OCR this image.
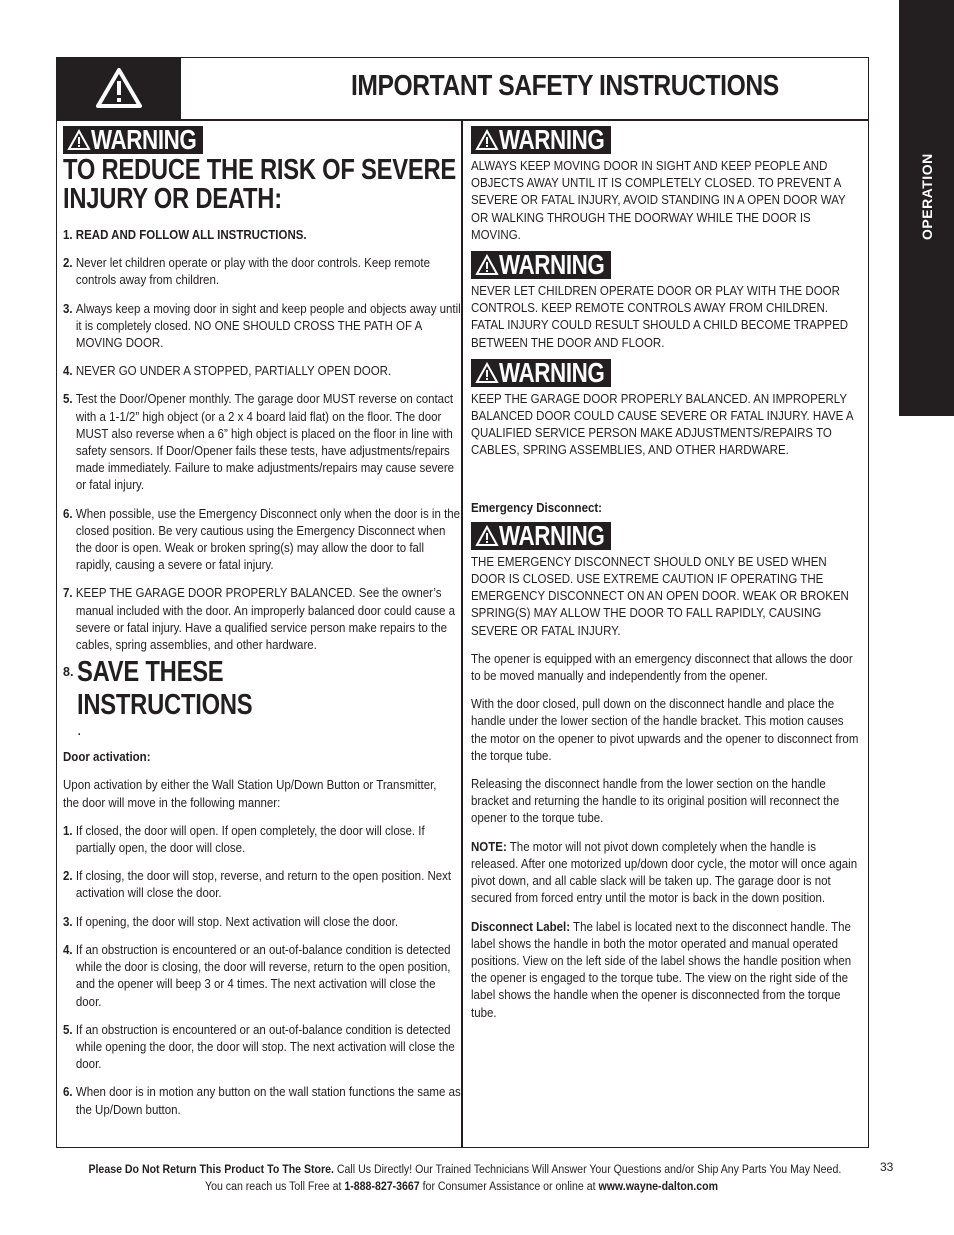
OPERATION
IMPORTANT SAFETY INSTRUCTIONS
WARNING
TO REDUCE THE RISK OF SEVERE INJURY OR DEATH:

1. READ AND FOLLOW ALL INSTRUCTIONS.

2. Never let children operate or play with the door controls. Keep remote controls away from children.
3. Always keep a moving door in sight and keep people and objects away until it is completely closed. NO ONE SHOULD CROSS THE PATH OF A MOVING DOOR.
4. NEVER GO UNDER A STOPPED, PARTIALLY OPEN DOOR.
5. Test the Door/Opener monthly. The garage door MUST reverse on contact with a 1-1/2” high object (or a 2 x 4 board laid flat) on the floor. The door MUST also reverse when a 6” high object is placed on the floor in line with safety sensors. If Door/Opener fails these tests, have adjustments/repairs made immediately. Failure to make adjustments/repairs may cause severe or fatal injury.
6. When possible, use the Emergency Disconnect only when the door is in the closed position. Be very cautious using the Emergency Disconnect when the door is open. Weak or broken spring(s) may allow the door to fall rapidly, causing a severe or fatal injury.
7. KEEP THE GARAGE DOOR PROPERLY BALANCED. See the owner’s manual included with the door. An improperly balanced door could cause a severe or fatal injury. Have a qualified service person make repairs to the cables, spring assemblies, and other hardware.
8. SAVE THESE INSTRUCTIONS.

Door activation:

Upon activation by either the Wall Station Up/Down Button or Transmitter, the door will move in the following manner:

1. If closed, the door will open. If open completely, the door will close. If partially open, the door will close.
2. If closing, the door will stop, reverse, and return to the open position. Next activation will close the door.
3. If opening, the door will stop. Next activation will close the door.
4. If an obstruction is encountered or an out-of-balance condition is detected while the door is closing, the door will reverse, return to the open position, and the opener will beep 3 or 4 times. The next activation will close the door.
5. If an obstruction is encountered or an out-of-balance condition is detected while opening the door, the door will stop. The next activation will close the door.
6. When door is in motion any button on the wall station functions the same as the Up/Down button.
WARNING

ALWAYS KEEP MOVING DOOR IN SIGHT AND KEEP PEOPLE AND OBJECTS AWAY UNTIL IT IS COMPLETELY CLOSED. TO PREVENT A SEVERE OR FATAL INJURY, AVOID STANDING IN A OPEN DOOR WAY OR WALKING THROUGH THE DOORWAY WHILE THE DOOR IS MOVING.

WARNING

NEVER LET CHILDREN OPERATE DOOR OR PLAY WITH THE DOOR CONTROLS. KEEP REMOTE CONTROLS AWAY FROM CHILDREN. FATAL INJURY COULD RESULT SHOULD A CHILD BECOME TRAPPED BETWEEN THE DOOR AND FLOOR.

WARNING

KEEP THE GARAGE DOOR PROPERLY BALANCED. AN IMPROPERLY BALANCED DOOR COULD CAUSE SEVERE OR FATAL INJURY. HAVE A QUALIFIED SERVICE PERSON MAKE ADJUSTMENTS/REPAIRS TO CABLES, SPRING ASSEMBLIES, AND OTHER HARDWARE.

Emergency Disconnect:

WARNING

THE EMERGENCY DISCONNECT SHOULD ONLY BE USED WHEN DOOR IS CLOSED. USE EXTREME CAUTION IF OPERATING THE EMERGENCY DISCONNECT ON AN OPEN DOOR. WEAK OR BROKEN SPRING(S) MAY ALLOW THE DOOR TO FALL RAPIDLY, CAUSING SEVERE OR FATAL INJURY.

The opener is equipped with an emergency disconnect that allows the door to be moved manually and independently from the opener.

With the door closed, pull down on the disconnect handle and place the handle under the lower section of the handle bracket. This motion causes the motor on the opener to pivot upwards and the opener to disconnect from the torque tube.

Releasing the disconnect handle from the lower section on the handle bracket and returning the handle to its original position will reconnect the opener to the torque tube.

NOTE: The motor will not pivot down completely when the handle is released. After one motorized up/down door cycle, the motor will once again pivot down, and all cable slack will be taken up. The garage door is not secured from forced entry until the motor is back in the down position.

Disconnect Label: The label is located next to the disconnect handle. The label shows the handle in both the motor operated and manual operated positions. View on the left side of the label shows the handle position when the opener is engaged to the torque tube. The view on the right side of the label shows the handle when the opener is disconnected from the torque tube.

Please Do Not Return This Product To The Store. Call Us Directly! Our Trained Technicians Will Answer Your Questions and/or Ship Any Parts You May Need.
You can reach us Toll Free at 1-888-827-3667 for Consumer Assistance or online at www.wayne-dalton.com
33
